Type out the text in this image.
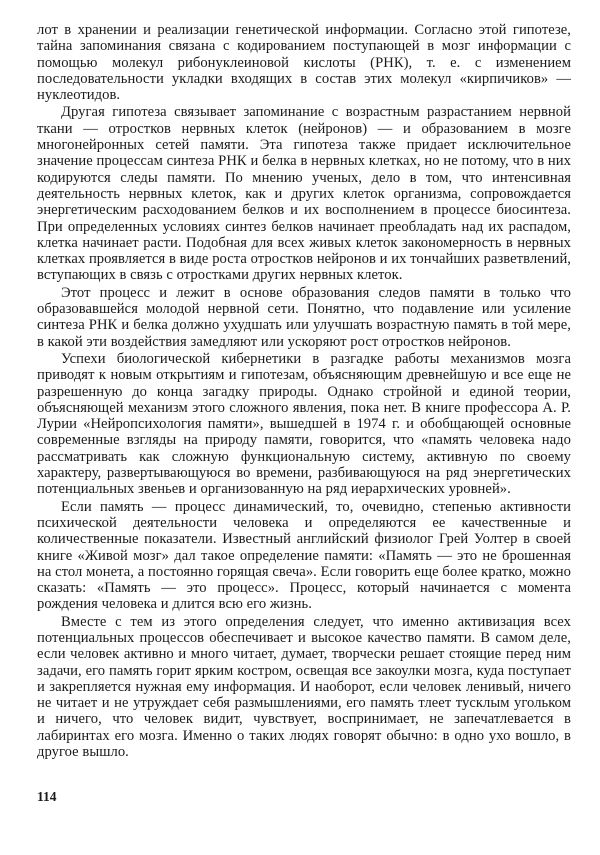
лот в хранении и реализации генетической информации. Согласно этой гипотезе, тайна запоминания связана с кодированием поступающей в мозг информации с помощью молекул рибонуклеиновой кислоты (РНК), т. е. с изменением последовательности укладки входящих в состав этих молекул «кирпичиков» — нуклеотидов.

Другая гипотеза связывает запоминание с возрастным разрастанием нервной ткани — отростков нервных клеток (нейронов) — и образованием в мозге многонейронных сетей памяти. Эта гипотеза также придает исключительное значение процессам синтеза РНК и белка в нервных клетках, но не потому, что в них кодируются следы памяти. По мнению ученых, дело в том, что интенсивная деятельность нервных клеток, как и других клеток организма, сопровождается энергетическим расходованием белков и их восполнением в процессе биосинтеза. При определенных условиях синтез белков начинает преобладать над их распадом, клетка начинает расти. Подобная для всех живых клеток закономерность в нервных клетках проявляется в виде роста отростков нейронов и их тончайших разветвлений, вступающих в связь с отростками других нервных клеток.

Этот процесс и лежит в основе образования следов памяти в только что образовавшейся молодой нервной сети. Понятно, что подавление или усиление синтеза РНК и белка должно ухудшать или улучшать возрастную память в той мере, в какой эти воздействия замедляют или ускоряют рост отростков нейронов.

Успехи биологической кибернетики в разгадке работы механизмов мозга приводят к новым открытиям и гипотезам, объясняющим древнейшую и все еще не разрешенную до конца загадку природы. Однако стройной и единой теории, объясняющей механизм этого сложного явления, пока нет. В книге профессора А. Р. Лурии «Нейропсихология памяти», вышедшей в 1974 г. и обобщающей основные современные взгляды на природу памяти, говорится, что «память человека надо рассматривать как сложную функциональную систему, активную по своему характеру, развертывающуюся во времени, разбивающуюся на ряд энергетических потенциальных звеньев и организованную на ряд иерархических уровней».

Если память — процесс динамический, то, очевидно, степенью активности психической деятельности человека и определяются ее качественные и количественные показатели. Известный английский физиолог Грей Уолтер в своей книге «Живой мозг» дал такое определение памяти: «Память — это не брошенная на стол монета, а постоянно горящая свеча». Если говорить еще более кратко, можно сказать: «Память — это процесс». Процесс, который начинается с момента рождения человека и длится всю его жизнь.

Вместе с тем из этого определения следует, что именно активизация всех потенциальных процессов обеспечивает и высокое качество памяти. В самом деле, если человек активно и много читает, думает, творчески решает стоящие перед ним задачи, его память горит ярким костром, освещая все закоулки мозга, куда поступает и закрепляется нужная ему информация. И наоборот, если человек ленивый, ничего не читает и не утруждает себя размышлениями, его память тлеет тусклым угольком и ничего, что человек видит, чувствует, воспринимает, не запечатлевается в лабиринтах его мозга. Именно о таких людях говорят обычно: в одно ухо вошло, в другое вышло.

114
